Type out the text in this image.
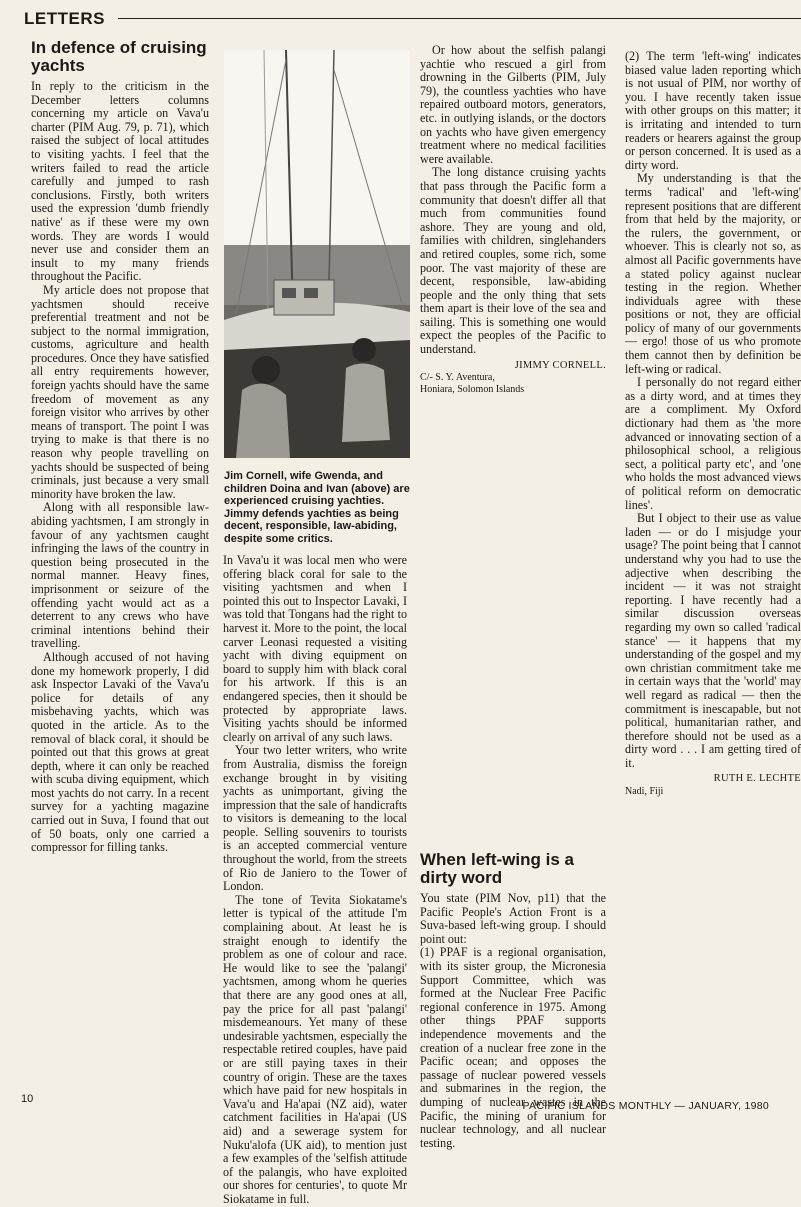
LETTERS
In defence of cruising yachts

In reply to the criticism in the December letters columns concerning my article on Vava'u charter (PIM Aug. 79, p. 71), which raised the subject of local attitudes to visiting yachts. I feel that the writers failed to read the article carefully and jumped to rash conclusions. Firstly, both writers used the expression 'dumb friendly native' as if these were my own words. They are words I would never use and consider them an insult to my many friends throughout the Pacific.

My article does not propose that yachtsmen should receive preferential treatment and not be subject to the normal immigration, customs, agriculture and health procedures. Once they have satisfied all entry requirements however, foreign yachts should have the same freedom of movement as any foreign visitor who arrives by other means of transport. The point I was trying to make is that there is no reason why people travelling on yachts should be suspected of being criminals, just because a very small minority have broken the law.

Along with all responsible law-abiding yachtsmen, I am strongly in favour of any yachtsmen caught infringing the laws of the country in question being prosecuted in the normal manner. Heavy fines, imprisonment or seizure of the offending yacht would act as a deterrent to any crews who have criminal intentions behind their travelling.

Although accused of not having done my homework properly, I did ask Inspector Lavaki of the Vava'u police for details of any misbehaving yachts, which was quoted in the article. As to the removal of black coral, it should be pointed out that this grows at great depth, where it can only be reached with scuba diving equipment, which most yachts do not carry. In a recent survey for a yachting magazine carried out in Suva, I found that out of 50 boats, only one carried a compressor for filling tanks.

Jim Cornell, wife Gwenda, and children Doina and Ivan (above) are experienced cruising yachties. Jimmy defends yachties as being decent, responsible, law-abiding, despite some critics.

In Vava'u it was local men who were offering black coral for sale to the visiting yachtsmen and when I pointed this out to Inspector Lavaki, I was told that Tongans had the right to harvest it. More to the point, the local carver Leonasi requested a visiting yacht with diving equipment on board to supply him with black coral for his artwork. If this is an endangered species, then it should be protected by appropriate laws. Visiting yachts should be informed clearly on arrival of any such laws.

Your two letter writers, who write from Australia, dismiss the foreign exchange brought in by visiting yachts as unimportant, giving the impression that the sale of handicrafts to visitors is demeaning to the local people. Selling souvenirs to tourists is an accepted commercial venture throughout the world, from the streets of Rio de Janiero to the Tower of London.

The tone of Tevita Siokatame's letter is typical of the attitude I'm complaining about. At least he is straight enough to identify the problem as one of colour and race. He would like to see the 'palangi' yachtsmen, among whom he queries that there are any good ones at all, pay the price for all past 'palangi' misdemeanours. Yet many of these undesirable yachtsmen, especially the respectable retired couples, have paid or are still paying taxes in their country of origin. These are the taxes which have paid for new hospitals in Vava'u and Ha'apai (NZ aid), water catchment facilities in Ha'apai (US aid) and a sewerage system for Nuku'alofa (UK aid), to mention just a few examples of the 'selfish attitude of the palangis, who have exploited our shores for centuries', to quote Mr Siokatame in full.

Or how about the selfish palangi yachtie who rescued a girl from drowning in the Gilberts (PIM, July 79), the countless yachties who have repaired outboard motors, generators, etc. in outlying islands, or the doctors on yachts who have given emergency treatment where no medical facilities were available.

The long distance cruising yachts that pass through the Pacific form a community that doesn't differ all that much from communities found ashore. They are young and old, families with children, singlehanders and retired couples, some rich, some poor. The vast majority of these are decent, responsible, law-abiding people and the only thing that sets them apart is their love of the sea and sailing. This is something one would expect the peoples of the Pacific to understand.

JIMMY CORNELL.

C/- S. Y. Aventura,

Honiara, Solomon Islands

When left-wing is a dirty word

You state (PIM Nov, p11) that the Pacific People's Action Front is a Suva-based left-wing group. I should point out:

(1) PPAF is a regional organisation, with its sister group, the Micronesia Support Committee, which was formed at the Nuclear Free Pacific regional conference in 1975. Among other things PPAF supports independence movements and the creation of a nuclear free zone in the Pacific ocean; and opposes the passage of nuclear powered vessels and submarines in the region, the dumping of nuclear wastes in the Pacific, the mining of uranium for nuclear technology, and all nuclear testing.

(2) The term 'left-wing' indicates biased value laden reporting which is not usual of PIM, nor worthy of you. I have recently taken issue with other groups on this matter; it is irritating and intended to turn readers or hearers against the group or person concerned. It is used as a dirty word.

My understanding is that the terms 'radical' and 'left-wing' represent positions that are different from that held by the majority, or the rulers, the government, or whoever. This is clearly not so, as almost all Pacific governments have a stated policy against nuclear testing in the region. Whether individuals agree with these positions or not, they are official policy of many of our governments — ergo! those of us who promote them cannot then by definition be left-wing or radical.

I personally do not regard either as a dirty word, and at times they are a compliment. My Oxford dictionary had them as 'the more advanced or innovating section of a philosophical school, a religious sect, a political party etc', and 'one who holds the most advanced views of political reform on democratic lines'.

But I object to their use as value laden — or do I misjudge your usage? The point being that I cannot understand why you had to use the adjective when describing the incident — it was not straight reporting. I have recently had a similar discussion overseas regarding my own so called 'radical stance' — it happens that my understanding of the gospel and my own christian commitment take me in certain ways that the 'world' may well regard as radical — then the commitment is inescapable, but not political, humanitarian rather, and therefore should not be used as a dirty word . . . I am getting tired of it.

RUTH E. LECHTE

Nadi, Fiji

10
PACIFIC ISLANDS MONTHLY — JANUARY, 1980
